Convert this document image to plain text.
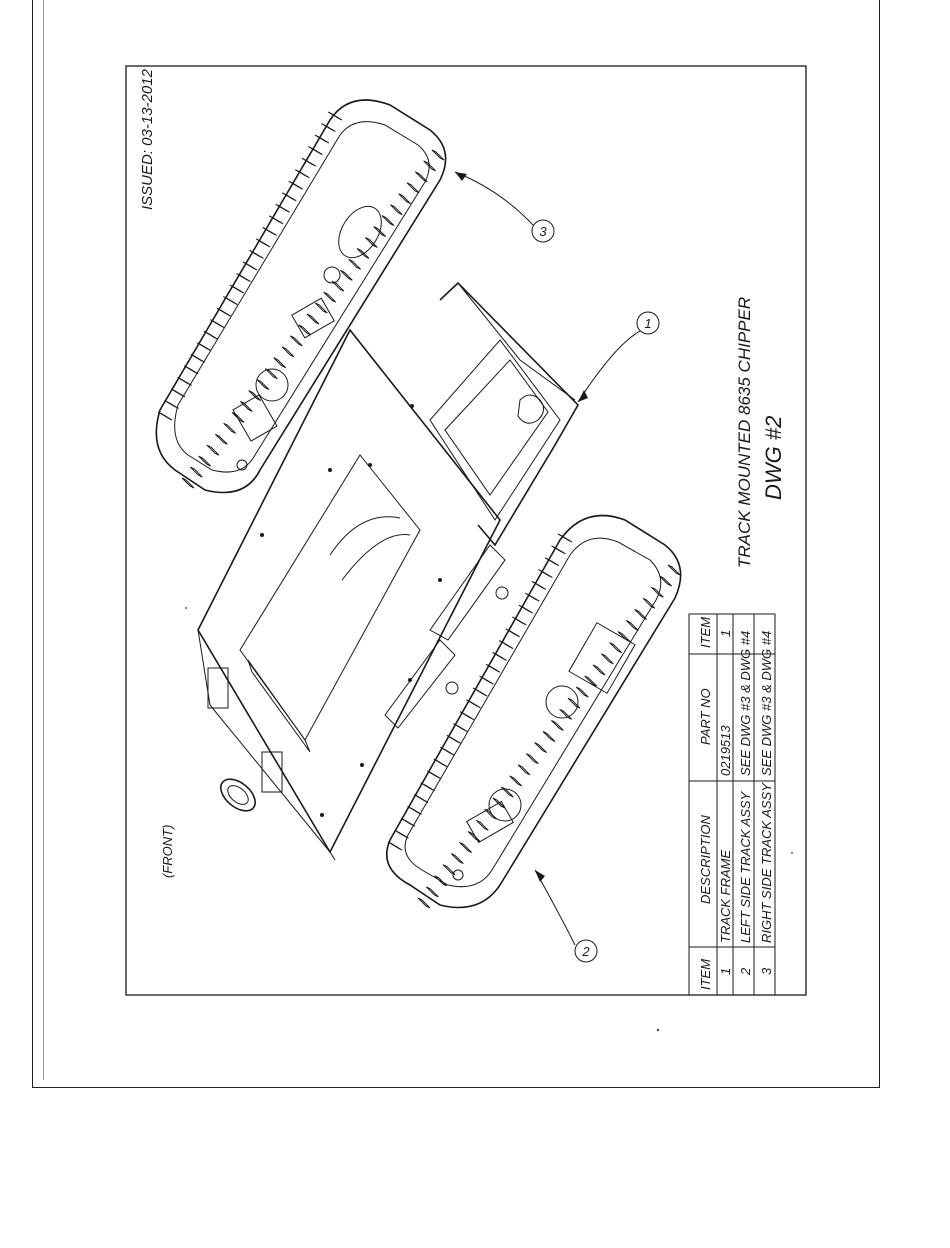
1
2
3
ISSUED: 03-13-2012
(FRONT)
TRACK MOUNTED 8635 CHIPPER DWG #2
ITEM
DESCRIPTION
PART NO
ITEM
1
TRACK FRAME
0219513
1
2
LEFT SIDE TRACK ASSY
SEE DWG #3 & DWG #4
3
RIGHT SIDE TRACK ASSY
SEE DWG #3 & DWG #4
